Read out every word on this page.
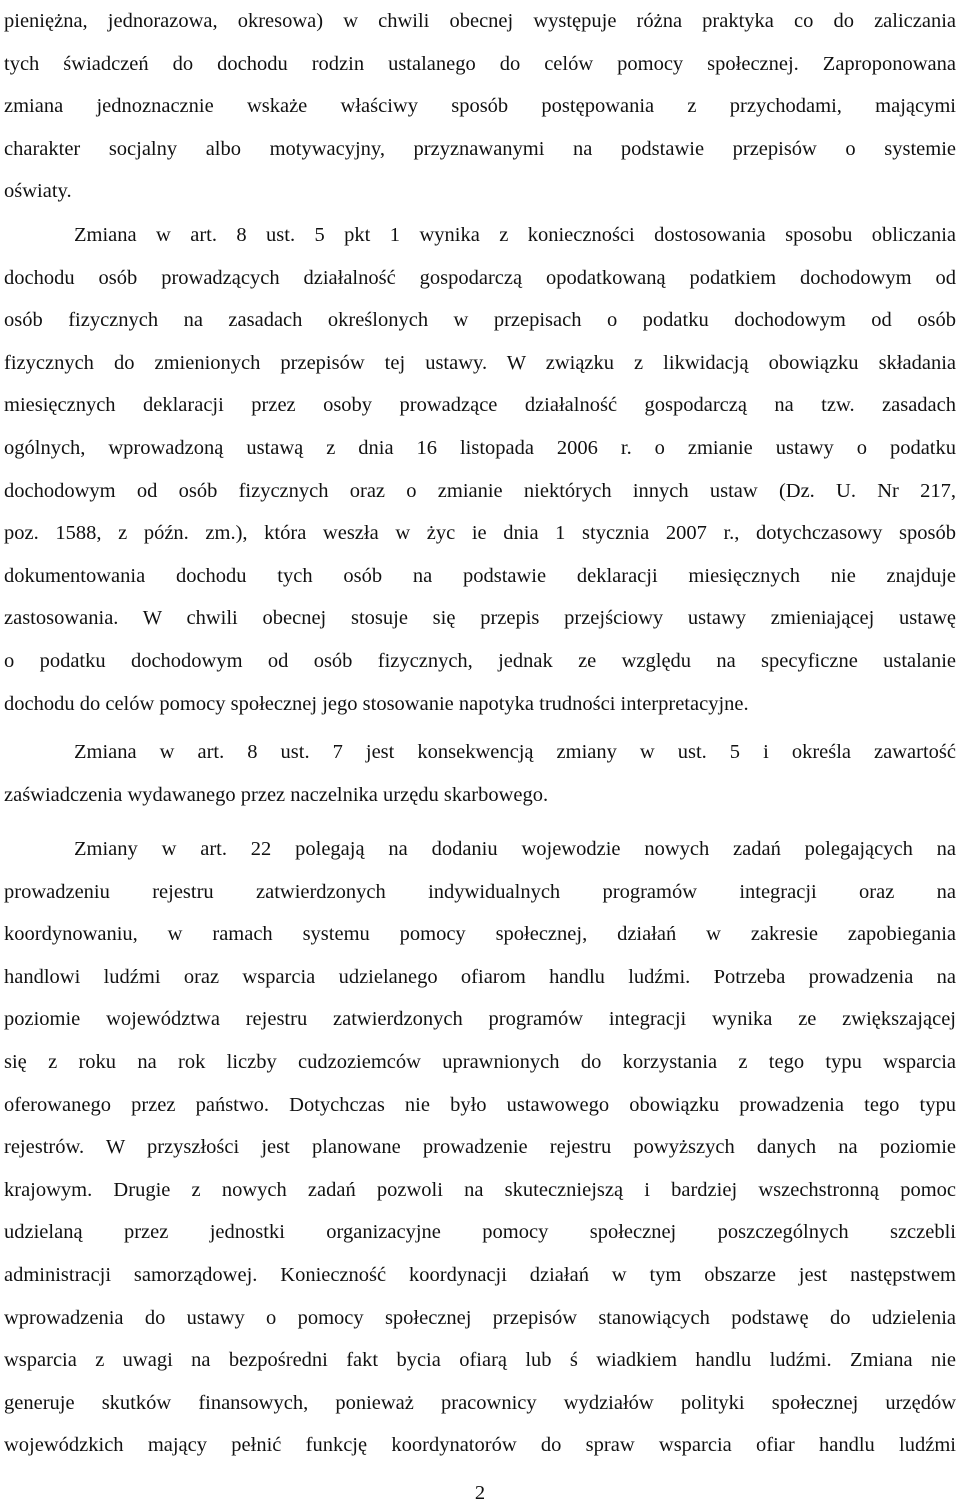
pieniężna, jednorazowa, okresowa) w chwili obecnej występuje różna praktyka co do zaliczania
tych świadczeń do dochodu rodzin ustalanego do celów pomocy społecznej. Zaproponowana
zmiana jednoznacznie wskaże właściwy sposób postępowania z przychodami, mającymi
charakter socjalny albo motywacyjny, przyznawanymi na podstawie przepisów o systemie
oświaty.
Zmiana w art. 8 ust. 5 pkt 1 wynika z konieczności dostosowania sposobu obliczania
dochodu osób prowadzących działalność gospodarczą opodatkowaną podatkiem dochodowym od
osób fizycznych na zasadach określonych w przepisach o podatku dochodowym od osób
fizycznych do zmienionych przepisów tej ustawy. W związku z likwidacją obowiązku składania
miesięcznych deklaracji przez osoby prowadzące działalność gospodarczą na tzw. zasadach
ogólnych, wprowadzoną ustawą z dnia 16 listopada 2006 r. o zmianie ustawy o podatku
dochodowym od osób fizycznych oraz o zmianie niektórych innych ustaw (Dz. U. Nr 217,
poz. 1588, z późn. zm.), która weszła w życ ie dnia 1 stycznia 2007 r., dotychczasowy sposób
dokumentowania dochodu tych osób na podstawie deklaracji miesięcznych nie znajduje
zastosowania. W chwili obecnej stosuje się przepis przejściowy ustawy zmieniającej ustawę
o podatku dochodowym od osób fizycznych, jednak ze względu na specyficzne ustalanie
dochodu do celów pomocy społecznej jego stosowanie napotyka trudności interpretacyjne.
Zmiana w art. 8 ust. 7 jest konsekwencją zmiany w ust. 5 i określa zawartość
zaświadczenia wydawanego przez naczelnika urzędu skarbowego.
Zmiany w art. 22 polegają na dodaniu wojewodzie nowych zadań polegających na
prowadzeniu rejestru zatwierdzonych indywidualnych programów integracji oraz na
koordynowaniu, w ramach systemu pomocy społecznej, działań w zakresie zapobiegania
handlowi ludźmi oraz wsparcia udzielanego ofiarom handlu ludźmi. Potrzeba prowadzenia na
poziomie województwa rejestru zatwierdzonych programów integracji wynika ze zwiększającej
się z roku na rok liczby cudzoziemców uprawnionych do korzystania z tego typu wsparcia
oferowanego przez państwo. Dotychczas nie było ustawowego obowiązku prowadzenia tego typu
rejestrów. W przyszłości jest planowane prowadzenie rejestru powyższych danych na poziomie
krajowym. Drugie z nowych zadań pozwoli na skuteczniejszą i bardziej wszechstronną pomoc
udzielaną przez jednostki organizacyjne pomocy społecznej poszczególnych szczebli
administracji samorządowej. Konieczność koordynacji działań w tym obszarze jest następstwem
wprowadzenia do ustawy o pomocy społecznej przepisów stanowiących podstawę do udzielenia
wsparcia z uwagi na bezpośredni fakt bycia ofiarą lub ś wiadkiem handlu ludźmi. Zmiana nie
generuje skutków finansowych, ponieważ pracownicy wydziałów polityki społecznej urzędów
wojewódzkich mający pełnić funkcję koordynatorów do spraw wsparcia ofiar handlu ludźmi
2
